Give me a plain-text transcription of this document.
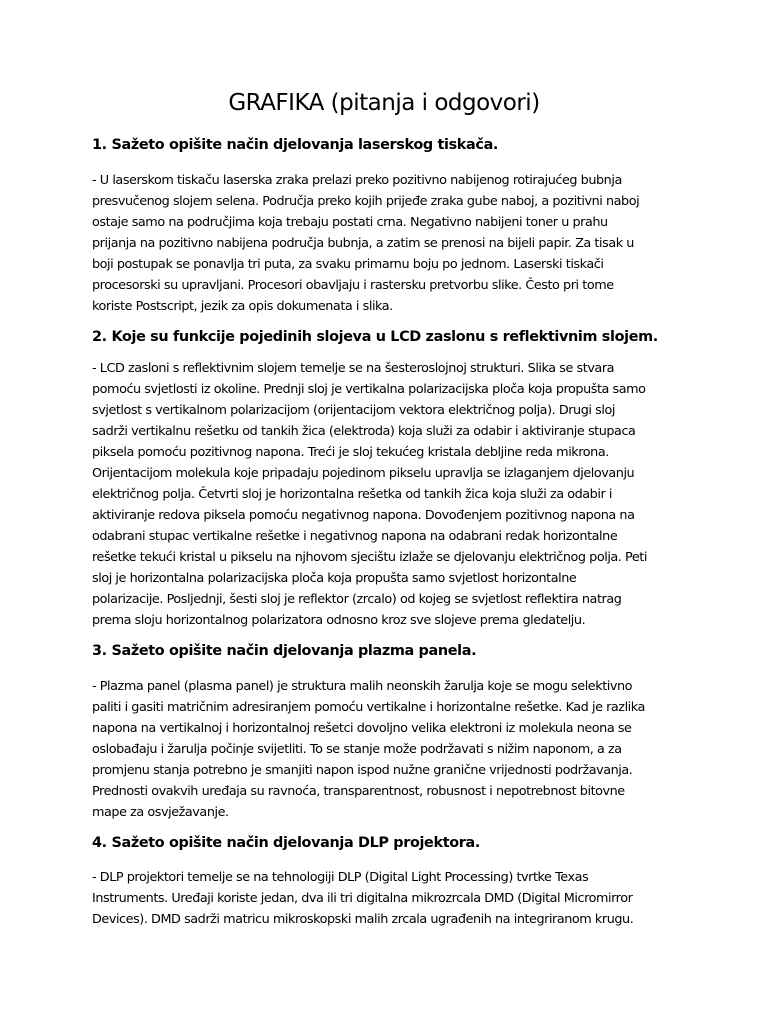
GRAFIKA (pitanja i odgovori)
1. Sažeto opišite način djelovanja laserskog tiskača.
- U laserskom tiskaču laserska zraka prelazi preko pozitivno nabijenog rotirajućeg bubnja
presvučenog slojem selena. Područja preko kojih prijeđe zraka gube naboj, a pozitivni naboj
ostaje samo na područjima koja trebaju postati crna. Negativno nabijeni toner u prahu
prijanja na pozitivno nabijena područja bubnja, a zatim se prenosi na bijeli papir. Za tisak u
boji postupak se ponavlja tri puta, za svaku primarnu boju po jednom. Laserski tiskači
procesorski su upravljani. Procesori obavljaju i rastersku pretvorbu slike. Često pri tome
koriste Postscript, jezik za opis dokumenata i slika.
2. Koje su funkcije pojedinih slojeva u LCD zaslonu s reflektivnim slojem.
- LCD zasloni s reflektivnim slojem temelje se na šesteroslojnoj strukturi. Slika se stvara
pomoću svjetlosti iz okoline. Prednji sloj je vertikalna polarizacijska ploča koja propušta samo
svjetlost s vertikalnom polarizacijom (orijentacijom vektora električnog polja). Drugi sloj
sadrži vertikalnu rešetku od tankih žica (elektroda) koja služi za odabir i aktiviranje stupaca
piksela pomoću pozitivnog napona. Treći je sloj tekućeg kristala debljine reda mikrona.
Orijentacijom molekula koje pripadaju pojedinom pikselu upravlja se izlaganjem djelovanju
električnog polja. Četvrti sloj je horizontalna rešetka od tankih žica koja služi za odabir i
aktiviranje redova piksela pomoću negativnog napona. Dovođenjem pozitivnog napona na
odabrani stupac vertikalne rešetke i negativnog napona na odabrani redak horizontalne
rešetke tekući kristal u pikselu na njhovom sjecištu izlaže se djelovanju električnog polja. Peti
sloj je horizontalna polarizacijska ploča koja propušta samo svjetlost horizontalne
polarizacije. Posljednji, šesti sloj je reflektor (zrcalo) od kojeg se svjetlost reflektira natrag
prema sloju horizontalnog polarizatora odnosno kroz sve slojeve prema gledatelju.
3. Sažeto opišite način djelovanja plazma panela.
- Plazma panel (plasma panel) je struktura malih neonskih žarulja koje se mogu selektivno
paliti i gasiti matričnim adresiranjem pomoću vertikalne i horizontalne rešetke. Kad je razlika
napona na vertikalnoj i horizontalnoj rešetci dovoljno velika elektroni iz molekula neona se
oslobađaju i žarulja počinje svijetliti. To se stanje može podržavati s nižim naponom, a za
promjenu stanja potrebno je smanjiti napon ispod nužne granične vrijednosti podržavanja.
Prednosti ovakvih uređaja su ravnoća, transparentnost, robusnost i nepotrebnost bitovne
mape za osvježavanje.
4. Sažeto opišite način djelovanja DLP projektora.
- DLP projektori temelje se na tehnologiji DLP (Digital Light Processing) tvrtke Texas
Instruments. Uređaji koriste jedan, dva ili tri digitalna mikrozrcala DMD (Digital Micromirror
Devices). DMD sadrži matricu mikroskopski malih zrcala ugrađenih na integriranom krugu.
